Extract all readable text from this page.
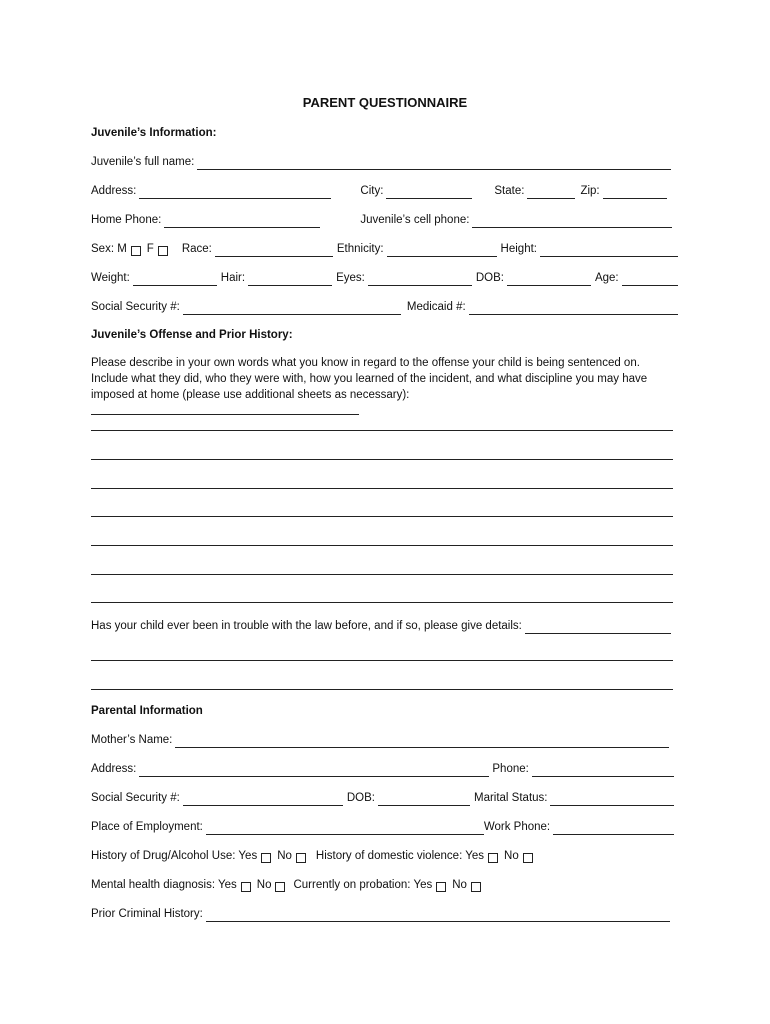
PARENT QUESTIONNAIRE
Juvenile’s Information:
Juvenile’s full name:
Address:	City:	State:	Zip:
Home Phone:	Juvenile’s cell phone:
Sex: M F Race:	Ethnicity:	Height:
Weight:	Hair:	Eyes:	DOB:	Age:
Social Security #:	Medicaid #:
Juvenile’s Offense and Prior History:
Please describe in your own words what you know in regard to the offense your child is being sentenced on. Include what they did, who they were with, how you learned of the incident, and what discipline you may have imposed at home (please use additional sheets as necessary):
Has your child ever been in trouble with the law before, and if so, please give details:
Parental Information
Mother’s Name:
Address:	Phone:
Social Security #:	DOB:	Marital Status:
Place of Employment:	Work Phone:
History of Drug/Alcohol Use: Yes No History of domestic violence: Yes No
Mental health diagnosis: Yes No Currently on probation: Yes No
Prior Criminal History:
